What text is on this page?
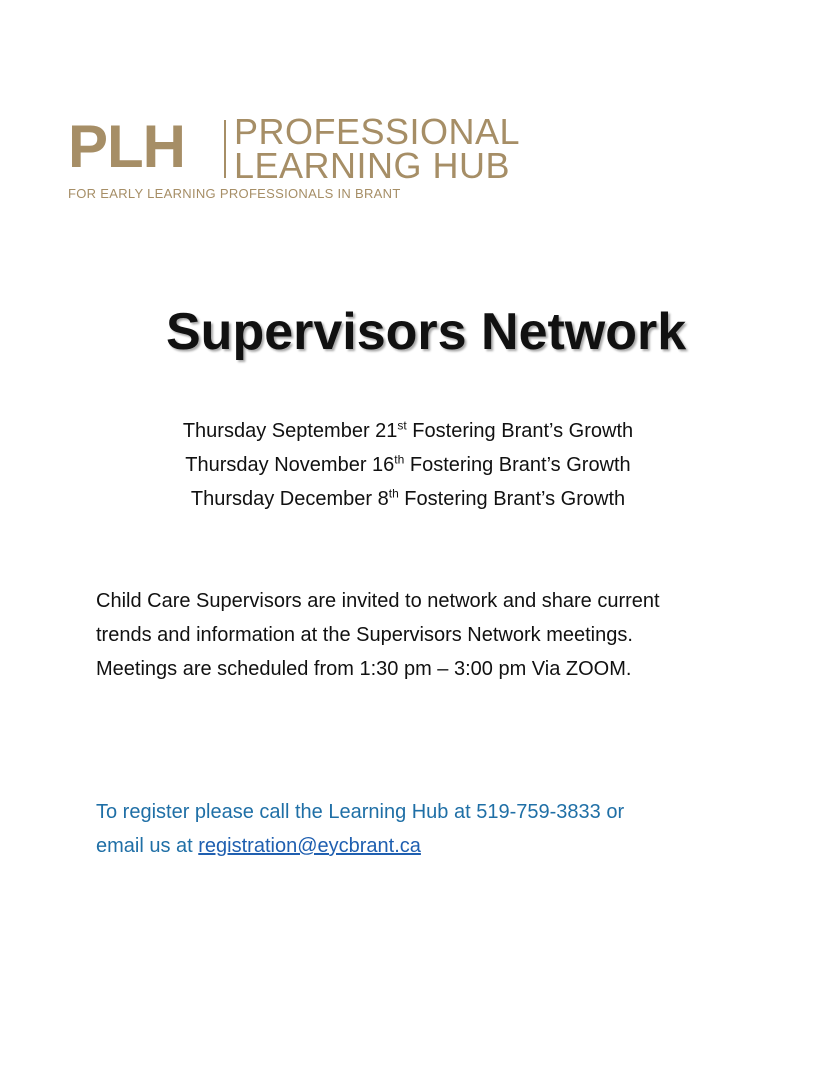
PLH PROFESSIONAL
LEARNING HUB
FOR EARLY LEARNING PROFESSIONALS IN BRANT
Supervisors Network
Thursday September 21st Fostering Brant’s Growth
Thursday November 16th Fostering Brant’s Growth
Thursday December 8th Fostering Brant’s Growth
Child Care Supervisors are invited to network and share current
trends and information at the Supervisors Network meetings.
Meetings are scheduled from 1:30 pm – 3:00 pm Via ZOOM.
To register please call the Learning Hub at 519-759-3833 or
email us at registration@eycbrant.ca
